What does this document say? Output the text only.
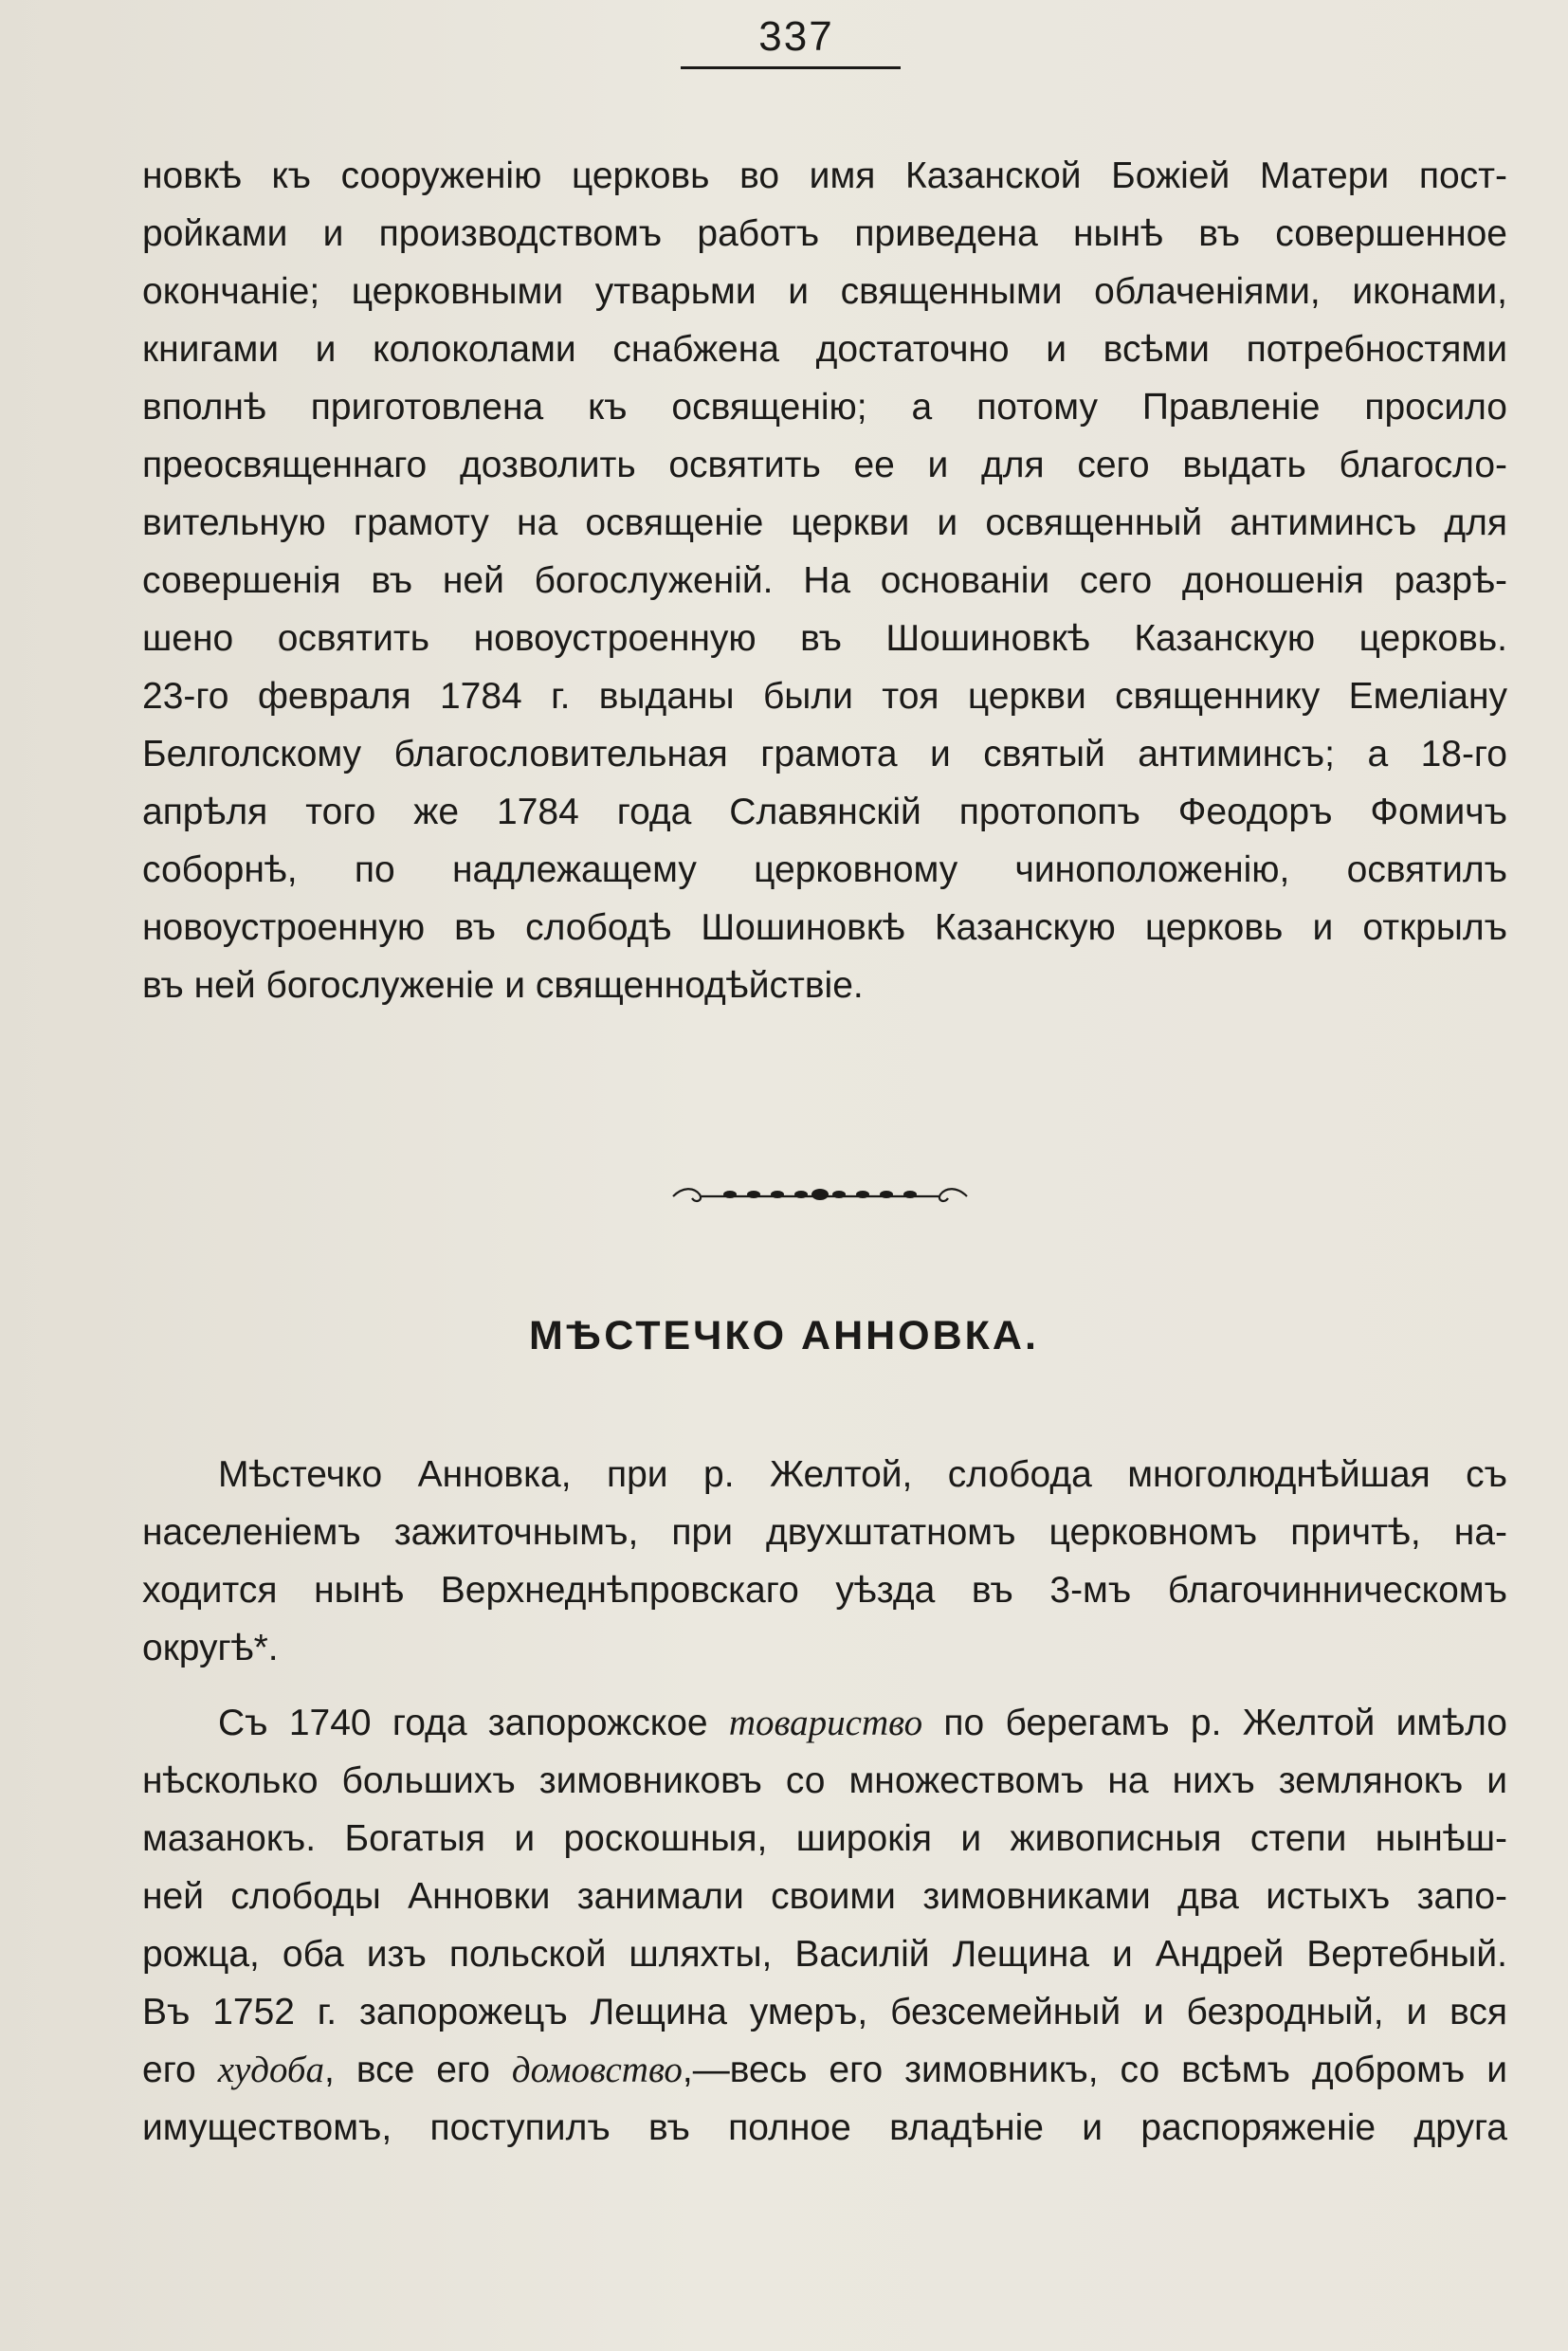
337
новкѣ къ сооруженію церковь во имя Казанской Божіей Матери пост-
ройками и производствомъ работъ приведена нынѣ въ совершенное
окончаніе; церковными утварьми и священными облаченіями, иконами,
книгами и колоколами снабжена достаточно и всѣми потребностями
вполнѣ приготовлена къ освященію; а потому Правленіе просило
преосвященнаго дозволить освятить ее и для сего выдать благосло-
вительную грамоту на освященіе церкви и освященный антиминсъ для
совершенія въ ней богослуженій. На основаніи сего доношенія разрѣ-
шено освятить новоустроенную въ Шошиновкѣ Казанскую церковь.
23-го февраля 1784 г. выданы были тоя церкви священнику Емеліану
Белголскому благословительная грамота и святый антиминсъ; а 18-го
апрѣля того же 1784 года Славянскій протопопъ Феодоръ Фомичъ
соборнѣ, по надлежащему церковному чиноположенію, освятилъ
новоустроенную въ слободѣ Шошиновкѣ Казанскую церковь и открылъ
въ ней богослуженіе и священнодѣйствіе.
МѢСТЕЧКО АННОВКА.
Мѣстечко Анновка, при р. Желтой, слобода многолюднѣйшая съ
населеніемъ зажиточнымъ, при двухштатномъ церковномъ причтѣ, на-
ходится нынѣ Верхнеднѣпровскаго уѣзда въ 3-мъ благочинническомъ
округѣ*.
Съ 1740 года запорожское товариство по берегамъ р. Желтой имѣло
нѣсколько большихъ зимовниковъ со множествомъ на нихъ землянокъ и
мазанокъ. Богатыя и роскошныя, широкія и живописныя степи нынѣш-
ней слободы Анновки занимали своими зимовниками два истыхъ запо-
рожца, оба изъ польской шляхты, Василій Лещина и Андрей Вертебный.
Въ 1752 г. запорожецъ Лещина умеръ, безсемейный и безродный, и вся
его худоба, все его домовство,—весь его зимовникъ, со всѣмъ добромъ и
имуществомъ, поступилъ въ полное владѣніе и распоряженіе друга
